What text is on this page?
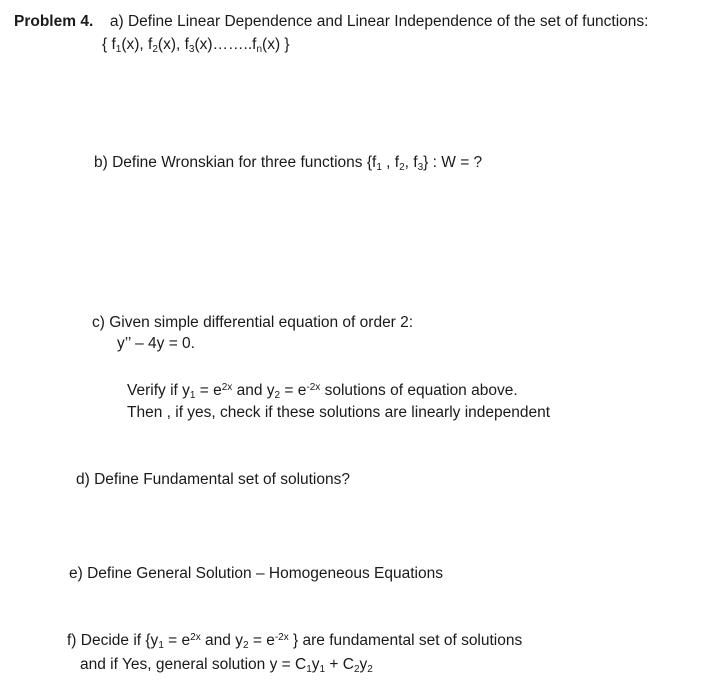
Problem 4. a) Define Linear Dependence and Linear Independence of the set of functions:
{ $f_1(x)$, $f_2(x)$, $f_3(x)\dots\dots..f_n(x)$ }
b) Define Wronskian for three functions {$f_1$ , $f_2$, $f_3$} : W = ?
c) Given simple differential equation of order 2:
y’’ – 4y = 0.
Verify if $y_1 = e^{2x}$ and $y_2 = e^{-2x}$ solutions of equation above.
Then , if yes, check if these solutions are linearly independent
d) Define Fundamental set of solutions?
e) Define General Solution – Homogeneous Equations
f) Decide if {$y_1 = e^{2x}$ and $y_2 = e^{-2x}$ } are fundamental set of solutions
and if Yes, general solution $y = C_1y_1 + C_2y_2$
